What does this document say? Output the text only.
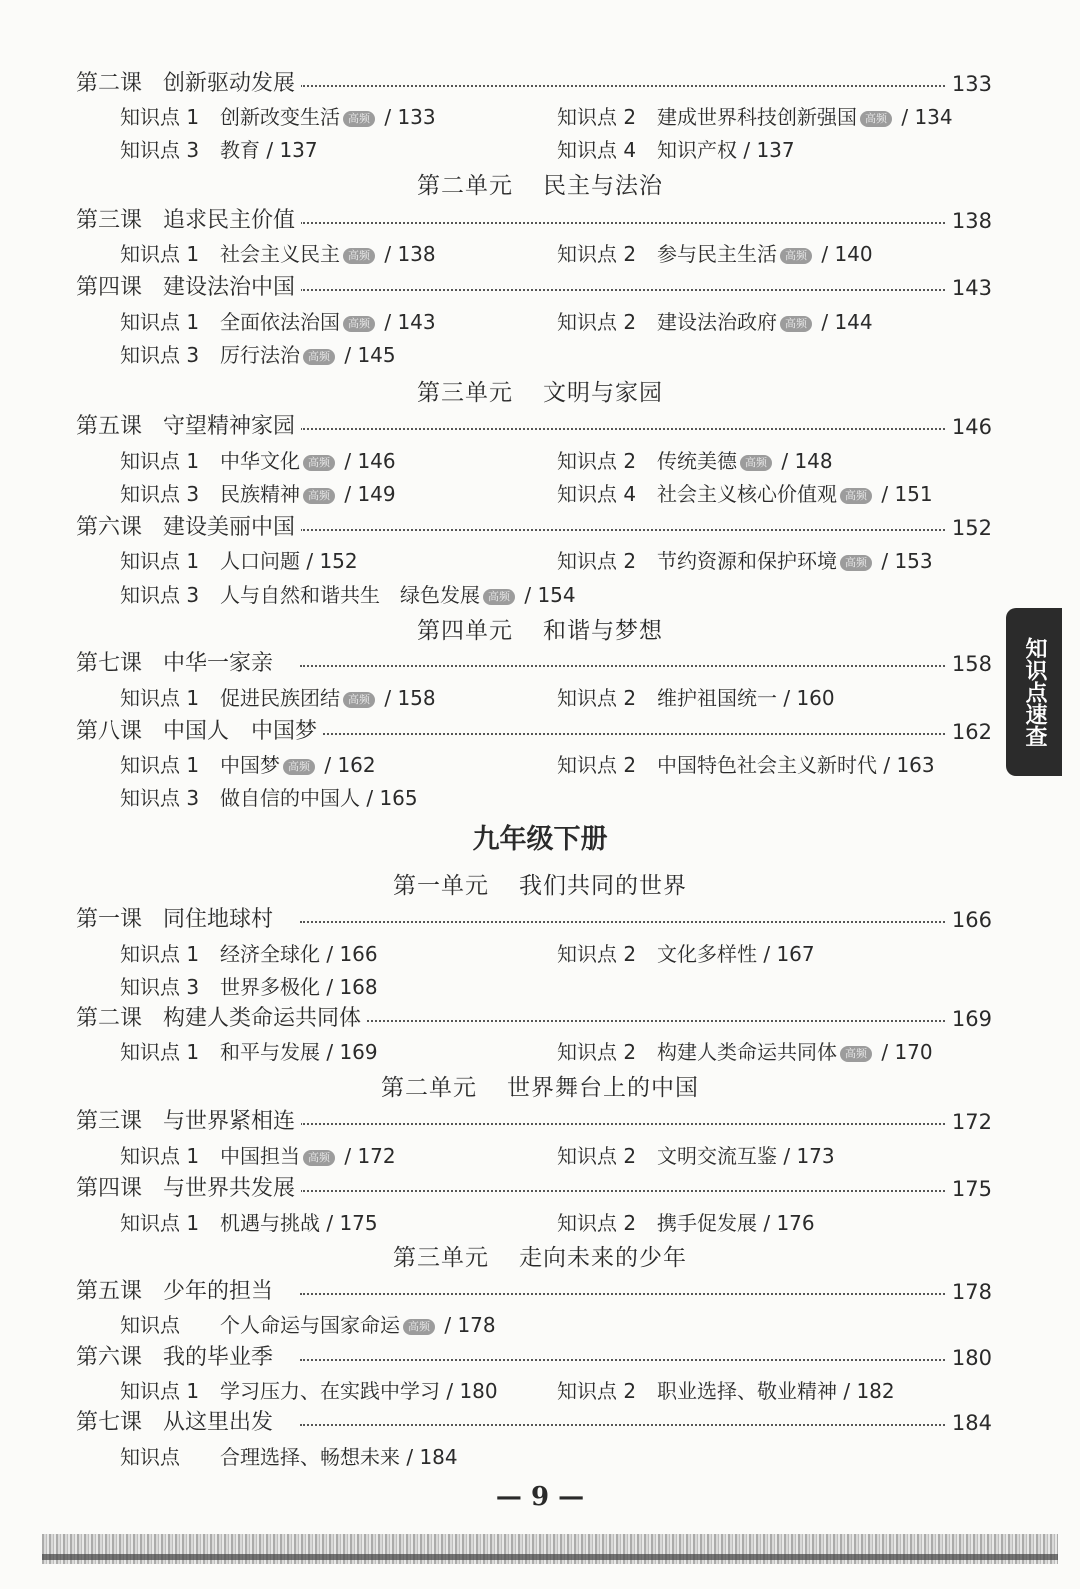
第二课 创新驱动发展	133
知识点 1 创新改变生活 高频 / 133	知识点 2 建成世界科技创新强国 高频 / 134
知识点 3 教育 / 137	知识点 4 知识产权 / 137
第二单元 民主与法治
第三课 追求民主价值	138
知识点 1 社会主义民主 高频 / 138	知识点 2 参与民主生活 高频 / 140
第四课 建设法治中国	143
知识点 1 全面依法治国 高频 / 143	知识点 2 建设法治政府 高频 / 144
知识点 3 厉行法治 高频 / 145
第三单元 文明与家园
第五课 守望精神家园	146
知识点 1 中华文化 高频 / 146	知识点 2 传统美德 高频 / 148
知识点 3 民族精神 高频 / 149	知识点 4 社会主义核心价值观 高频 / 151
第六课 建设美丽中国	152
知识点 1 人口问题 / 152	知识点 2 节约资源和保护环境 高频 / 153
知识点 3 人与自然和谐共生　绿色发展 高频 / 154
第四单元 和谐与梦想
第七课 中华一家亲	158
知识点 1 促进民族团结 高频 / 158	知识点 2 维护祖国统一 / 160
第八课 中国人　中国梦	162
知识点 1 中国梦 高频 / 162	知识点 2 中国特色社会主义新时代 / 163
知识点 3 做自信的中国人 / 165
九年级下册
第一单元 我们共同的世界
第一课 同住地球村	166
知识点 1 经济全球化 / 166	知识点 2 文化多样性 / 167
知识点 3 世界多极化 / 168
第二课 构建人类命运共同体	169
知识点 1 和平与发展 / 169	知识点 2 构建人类命运共同体 高频 / 170
第二单元 世界舞台上的中国
第三课 与世界紧相连	172
知识点 1 中国担当 高频 / 172	知识点 2 文明交流互鉴 / 173
第四课 与世界共发展	175
知识点 1 机遇与挑战 / 175	知识点 2 携手促发展 / 176
第三单元 走向未来的少年
第五课 少年的担当	178
知识点 个人命运与国家命运 高频 / 178
第六课 我的毕业季	180
知识点 1 学习压力、在实践中学习 / 180	知识点 2 职业选择、敬业精神 / 182
第七课 从这里出发	184
知识点 合理选择、畅想未来 / 184
知识点速查
— 9 —
